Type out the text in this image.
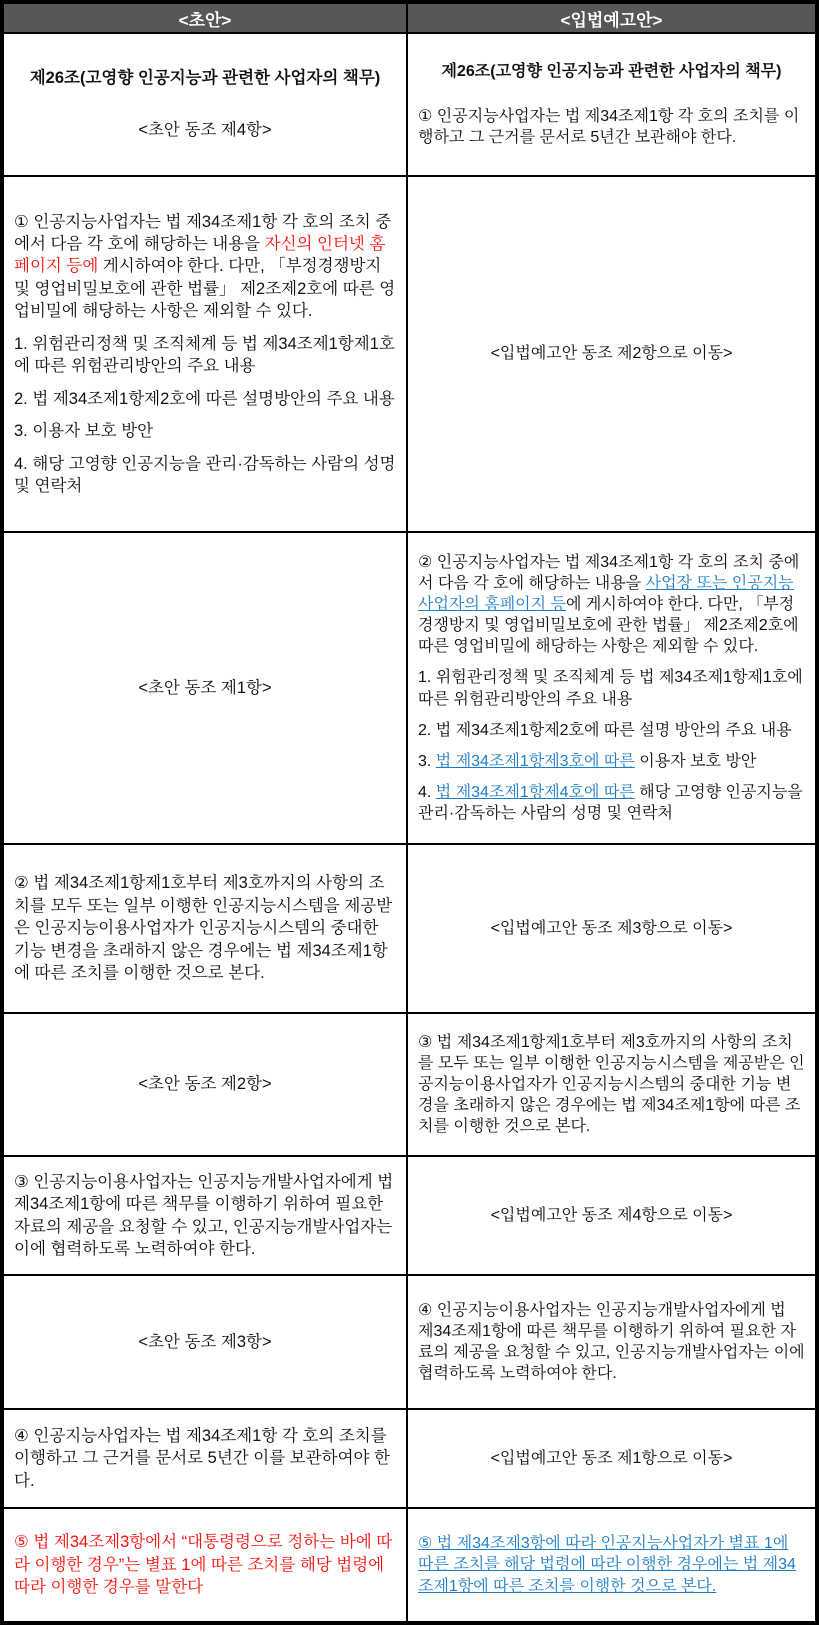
<초안>	<입법예고안>

제26조(고영향 인공지능과 관련한 사업자의 책무)

<초안 동조 제4항>

제26조(고영향 인공지능과 관련한 사업자의 책무)

① 인공지능사업자는 법 제34조제1항 각 호의 조치를 이행하고 그 근거를 문서로 5년간 보관해야 한다.

① 인공지능사업자는 법 제34조제1항 각 호의 조치 중에서 다음 각 호에 해당하는 내용을 자신의 인터넷 홈페이지 등에 게시하여야 한다. 다만, 「부정경쟁방지 및 영업비밀보호에 관한 법률」 제2조제2호에 따른 영업비밀에 해당하는 사항은 제외할 수 있다.

1. 위험관리정책 및 조직체계 등 법 제34조제1항제1호에 따른 위험관리방안의 주요 내용

2. 법 제34조제1항제2호에 따른 설명방안의 주요 내용

3. 이용자 보호 방안

4. 해당 고영향 인공지능을 관리·감독하는 사람의 성명 및 연락처

<입법예고안 동조 제2항으로 이동>

<초안 동조 제1항>

② 인공지능사업자는 법 제34조제1항 각 호의 조치 중에서 다음 각 호에 해당하는 내용을 사업장 또는 인공지능사업자의 홈페이지 등에 게시하여야 한다. 다만, 「부정경쟁방지 및 영업비밀보호에 관한 법률」 제2조제2호에 따른 영업비밀에 해당하는 사항은 제외할 수 있다.

1. 위험관리정책 및 조직체계 등 법 제34조제1항제1호에 따른 위험관리방안의 주요 내용

2. 법 제34조제1항제2호에 따른 설명 방안의 주요 내용

3. 법 제34조제1항제3호에 따른 이용자 보호 방안

4. 법 제34조제1항제4호에 따른 해당 고영향 인공지능을 관리·감독하는 사람의 성명 및 연락처

② 법 제34조제1항제1호부터 제3호까지의 사항의 조치를 모두 또는 일부 이행한 인공지능시스템을 제공받은 인공지능이용사업자가 인공지능시스템의 중대한 기능 변경을 초래하지 않은 경우에는 법 제34조제1항에 따른 조치를 이행한 것으로 본다.

<입법예고안 동조 제3항으로 이동>

<초안 동조 제2항>

③ 법 제34조제1항제1호부터 제3호까지의 사항의 조치를 모두 또는 일부 이행한 인공지능시스템을 제공받은 인공지능이용사업자가 인공지능시스템의 중대한 기능 변경을 초래하지 않은 경우에는 법 제34조제1항에 따른 조치를 이행한 것으로 본다.

③ 인공지능이용사업자는 인공지능개발사업자에게 법 제34조제1항에 따른 책무를 이행하기 위하여 필요한 자료의 제공을 요청할 수 있고, 인공지능개발사업자는 이에 협력하도록 노력하여야 한다.

<입법예고안 동조 제4항으로 이동>

<초안 동조 제3항>

④ 인공지능이용사업자는 인공지능개발사업자에게 법 제34조제1항에 따른 책무를 이행하기 위하여 필요한 자료의 제공을 요청할 수 있고, 인공지능개발사업자는 이에 협력하도록 노력하여야 한다.

④ 인공지능사업자는 법 제34조제1항 각 호의 조치를 이행하고 그 근거를 문서로 5년간 이를 보관하여야 한다.

<입법예고안 동조 제1항으로 이동>

⑤ 법 제34조제3항에서 “대통령령으로 정하는 바에 따라 이행한 경우”는 별표 1에 따른 조치를 해당 법령에 따라 이행한 경우를 말한다

⑤ 법 제34조제3항에 따라 인공지능사업자가 별표 1에 따른 조치를 해당 법령에 따라 이행한 경우에는 법 제34조제1항에 따른 조치를 이행한 것으로 본다.
